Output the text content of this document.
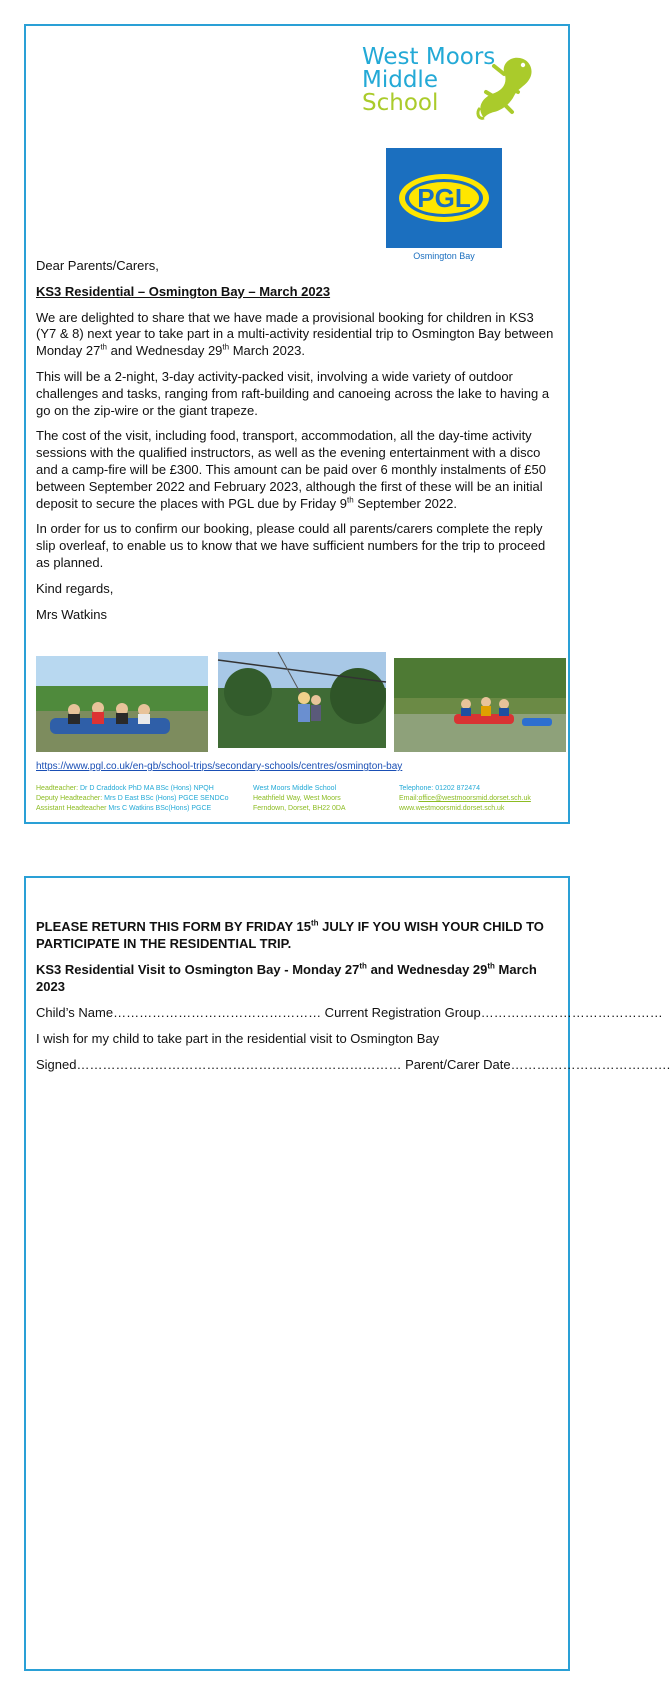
West Moors
Middle
School
PGL
Osmington Bay

Dear Parents/Carers,

KS3 Residential – Osmington Bay – March 2023

We are delighted to share that we have made a provisional booking for children in KS3 (Y7 & 8) next year to take part in a multi-activity residential trip to Osmington Bay between Monday 27th and Wednesday 29th March 2023.

This will be a 2-night, 3-day activity-packed visit, involving a wide variety of outdoor challenges and tasks, ranging from raft-building and canoeing across the lake to having a go on the zip-wire or the giant trapeze.

The cost of the visit, including food, transport, accommodation, all the day-time activity sessions with the qualified instructors, as well as the evening entertainment with a disco and a camp-fire will be £300. This amount can be paid over 6 monthly instalments of £50 between September 2022 and February 2023, although the first of these will be an initial deposit to secure the places with PGL due by Friday 9th September 2022.

In order for us to confirm our booking, please could all parents/carers complete the reply slip overleaf, to enable us to know that we have sufficient numbers for the trip to proceed as planned.

Kind regards,

Mrs Watkins

https://www.pgl.co.uk/en-gb/school-trips/secondary-schools/centres/osmington-bay
Headteacher: Dr D Craddock PhD MA BSc (Hons) NPQH
Deputy Headteacher: Mrs D East BSc (Hons) PGCE SENDCo
Assistant Headteacher Mrs C Watkins BSc(Hons) PGCE
West Moors Middle School
Heathfield Way, West Moors
Ferndown, Dorset, BH22 0DA
Telephone: 01202 872474
Email:office@westmoorsmid.dorset.sch.uk
www.westmoorsmid.dorset.sch.uk

PLEASE RETURN THIS FORM BY FRIDAY 15th JULY IF YOU WISH YOUR CHILD TO PARTICIPATE IN THE RESIDENTIAL TRIP.

KS3 Residential Visit to Osmington Bay - Monday 27th and Wednesday 29th March 2023

Child’s Name………………………………………… Current Registration Group……………………………………

I wish for my child to take part in the residential visit to Osmington Bay

Signed………………………………………………………………… Parent/Carer Date……………………………….
